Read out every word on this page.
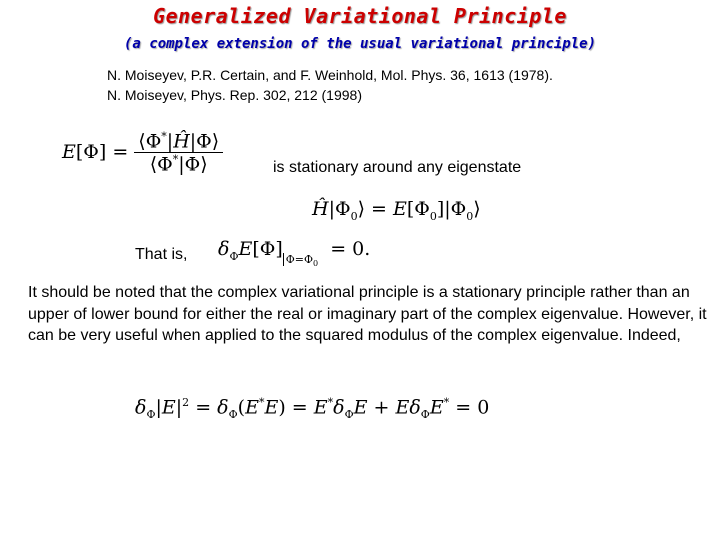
Generalized Variational Principle
(a complex extension of the usual variational principle)
N. Moiseyev, P.R. Certain, and F. Weinhold, Mol. Phys. 36, 1613 (1978).
N. Moiseyev, Phys. Rep. 302, 212 (1998)
$E[\Phi] = \frac{⟨\Phi^*|Ĥ|\Phi⟩}{⟨\Phi^*|\Phi⟩}$	is stationary around any eigenstate
$Ĥ|\Phi_0⟩$ = $E[\Phi_0]|\Phi_0⟩$
That is, $\delta_\Phi E[\Phi] _{\Phi=\Phi_0} = 0$.
It should be noted that the complex variational principle is a stationary principle rather than an upper of lower bound for either the real or imaginary part of the complex eigenvalue. However, it can be very useful when applied to the squared modulus of the complex eigenvalue. Indeed,
$\delta_\Phi|E|^2 = \delta_\Phi(E^*E) = E^*\delta_\Phi E + E\delta_\Phi E^* = 0$
